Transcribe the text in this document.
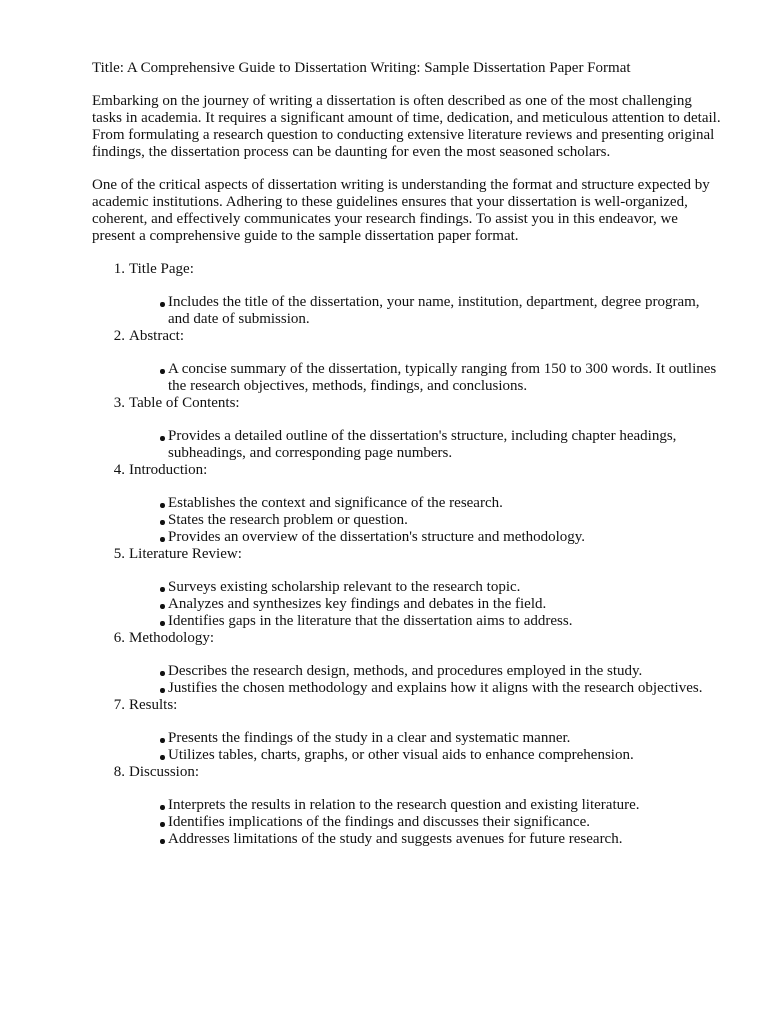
Title: A Comprehensive Guide to Dissertation Writing: Sample Dissertation Paper Format

Embarking on the journey of writing a dissertation is often described as one of the most challenging tasks in academia. It requires a significant amount of time, dedication, and meticulous attention to detail. From formulating a research question to conducting extensive literature reviews and presenting original findings, the dissertation process can be daunting for even the most seasoned scholars.

One of the critical aspects of dissertation writing is understanding the format and structure expected by academic institutions. Adhering to these guidelines ensures that your dissertation is well-organized, coherent, and effectively communicates your research findings. To assist you in this endeavor, we present a comprehensive guide to the sample dissertation paper format.

Title Page:
Includes the title of the dissertation, your name, institution, department, degree program, and date of submission.
Abstract:
A concise summary of the dissertation, typically ranging from 150 to 300 words. It outlines the research objectives, methods, findings, and conclusions.
Table of Contents:
Provides a detailed outline of the dissertation's structure, including chapter headings, subheadings, and corresponding page numbers.
Introduction:
Establishes the context and significance of the research.
States the research problem or question.
Provides an overview of the dissertation's structure and methodology.
Literature Review:
Surveys existing scholarship relevant to the research topic.
Analyzes and synthesizes key findings and debates in the field.
Identifies gaps in the literature that the dissertation aims to address.
Methodology:
Describes the research design, methods, and procedures employed in the study.
Justifies the chosen methodology and explains how it aligns with the research objectives.
Results:
Presents the findings of the study in a clear and systematic manner.
Utilizes tables, charts, graphs, or other visual aids to enhance comprehension.
Discussion:
Interprets the results in relation to the research question and existing literature.
Identifies implications of the findings and discusses their significance.
Addresses limitations of the study and suggests avenues for future research.
